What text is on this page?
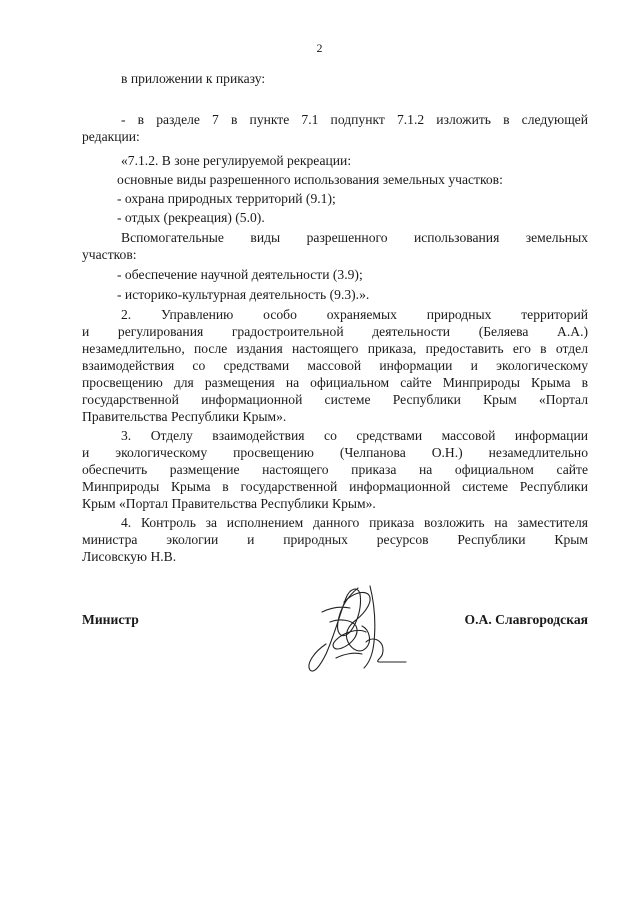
2
в приложении к приказу:
- в разделе 7 в пункте 7.1 подпункт 7.1.2 изложить в следующей
редакции:
«7.1.2. В зоне регулируемой рекреации:
основные виды разрешенного использования земельных участков:
- охрана природных территорий (9.1);
- отдых (рекреация) (5.0).
Вспомогательные виды разрешенного использования земельных
участков:
- обеспечение научной деятельности (3.9);
- историко-культурная деятельность (9.3).».
2. Управлению особо охраняемых природных территорий
и регулирования градостроительной деятельности (Беляева А.А.)
незамедлительно, после издания настоящего приказа, предоставить его в отдел
взаимодействия со средствами массовой информации и экологическому
просвещению для размещения на официальном сайте Минприроды Крыма в
государственной информационной системе Республики Крым «Портал
Правительства Республики Крым».
3. Отделу взаимодействия со средствами массовой информации
и экологическому просвещению (Челпанова О.Н.) незамедлительно
обеспечить размещение настоящего приказа на официальном сайте
Минприроды Крыма в государственной информационной системе Республики
Крым «Портал Правительства Республики Крым».
4. Контроль за исполнением данного приказа возложить на заместителя
министра экологии и природных ресурсов Республики Крым
Лисовскую Н.В.
Министр	О.А. Славгородская
